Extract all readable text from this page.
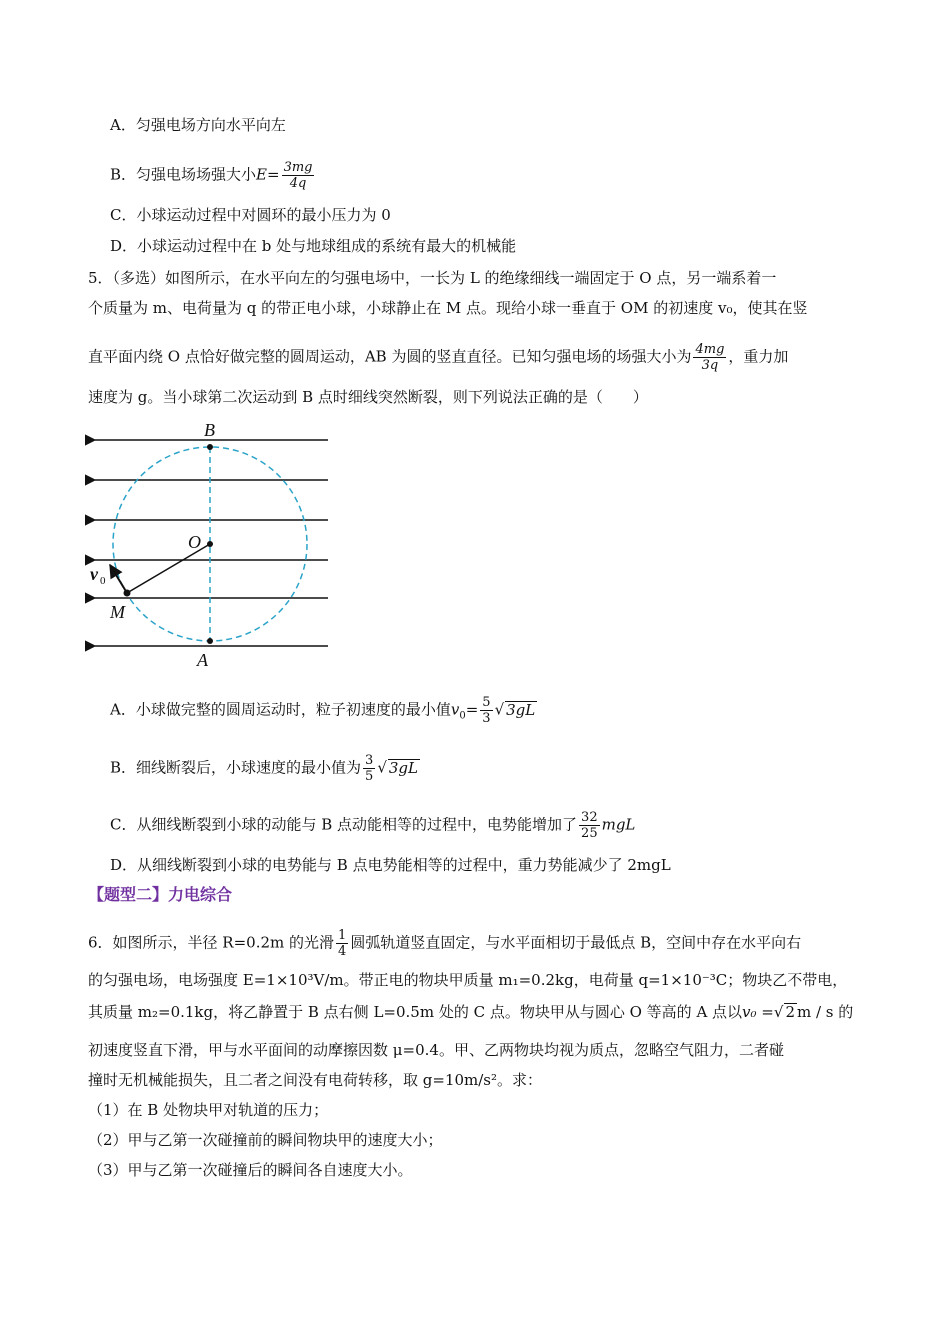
A．匀强电场方向水平向左
B．匀强电场场强大小$E= \frac{3mg}{4q}$
C．小球运动过程中对圆环的最小压力为 0
D．小球运动过程中在 b 处与地球组成的系统有最大的机械能
5．（多选）如图所示，在水平向左的匀强电场中，一长为 L 的绝缘细线一端固定于 O 点，另一端系着一
个质量为 m、电荷量为 q 的带正电小球，小球静止在 M 点。现给小球一垂直于 OM 的初速度 v₀，使其在竖
直平面内绕 O 点恰好做完整的圆周运动，AB 为圆的竖直直径。已知匀强电场的场强大小为 $\frac{4mg}{3q}$ ，重力加
速度为 g。当小球第二次运动到 B 点时细线突然断裂，则下列说法正确的是（　　）
B
O
M
A
v 0
A．小球做完整的圆周运动时，粒子初速度的最小值$v_0= \frac{5}{3}$ √ 3gL
B．细线断裂后，小球速度的最小值为 $\frac{3}{5}$ √ 3gL
C．从细线断裂到小球的动能与 B 点动能相等的过程中，电势能增加了 $\frac{32}{25}$ mgL
D．从细线断裂到小球的电势能与 B 点电势能相等的过程中，重力势能减少了 2mgL
【题型二】力电综合
6．如图所示，半径 R=0.2m 的光滑 $\frac{1}{4}$ 圆弧轨道竖直固定，与水平面相切于最低点 B，空间中存在水平向右
的匀强电场，电场强度 E=1×10³V/m。带正电的物块甲质量 m₁=0.2kg，电荷量 q=1×10⁻³C；物块乙不带电，
其质量 m₂=0.1kg，将乙静置于 B 点右侧 L=0.5m 处的 C 点。物块甲从与圆心 O 等高的 A 点以v₀ =√ 2 m / s 的
初速度竖直下滑，甲与水平面间的动摩擦因数 μ=0.4。甲、乙两物块均视为质点，忽略空气阻力，二者碰
撞时无机械能损失，且二者之间没有电荷转移，取 g=10m/s²。求：
（1）在 B 处物块甲对轨道的压力；
（2）甲与乙第一次碰撞前的瞬间物块甲的速度大小；
（3）甲与乙第一次碰撞后的瞬间各自速度大小。
